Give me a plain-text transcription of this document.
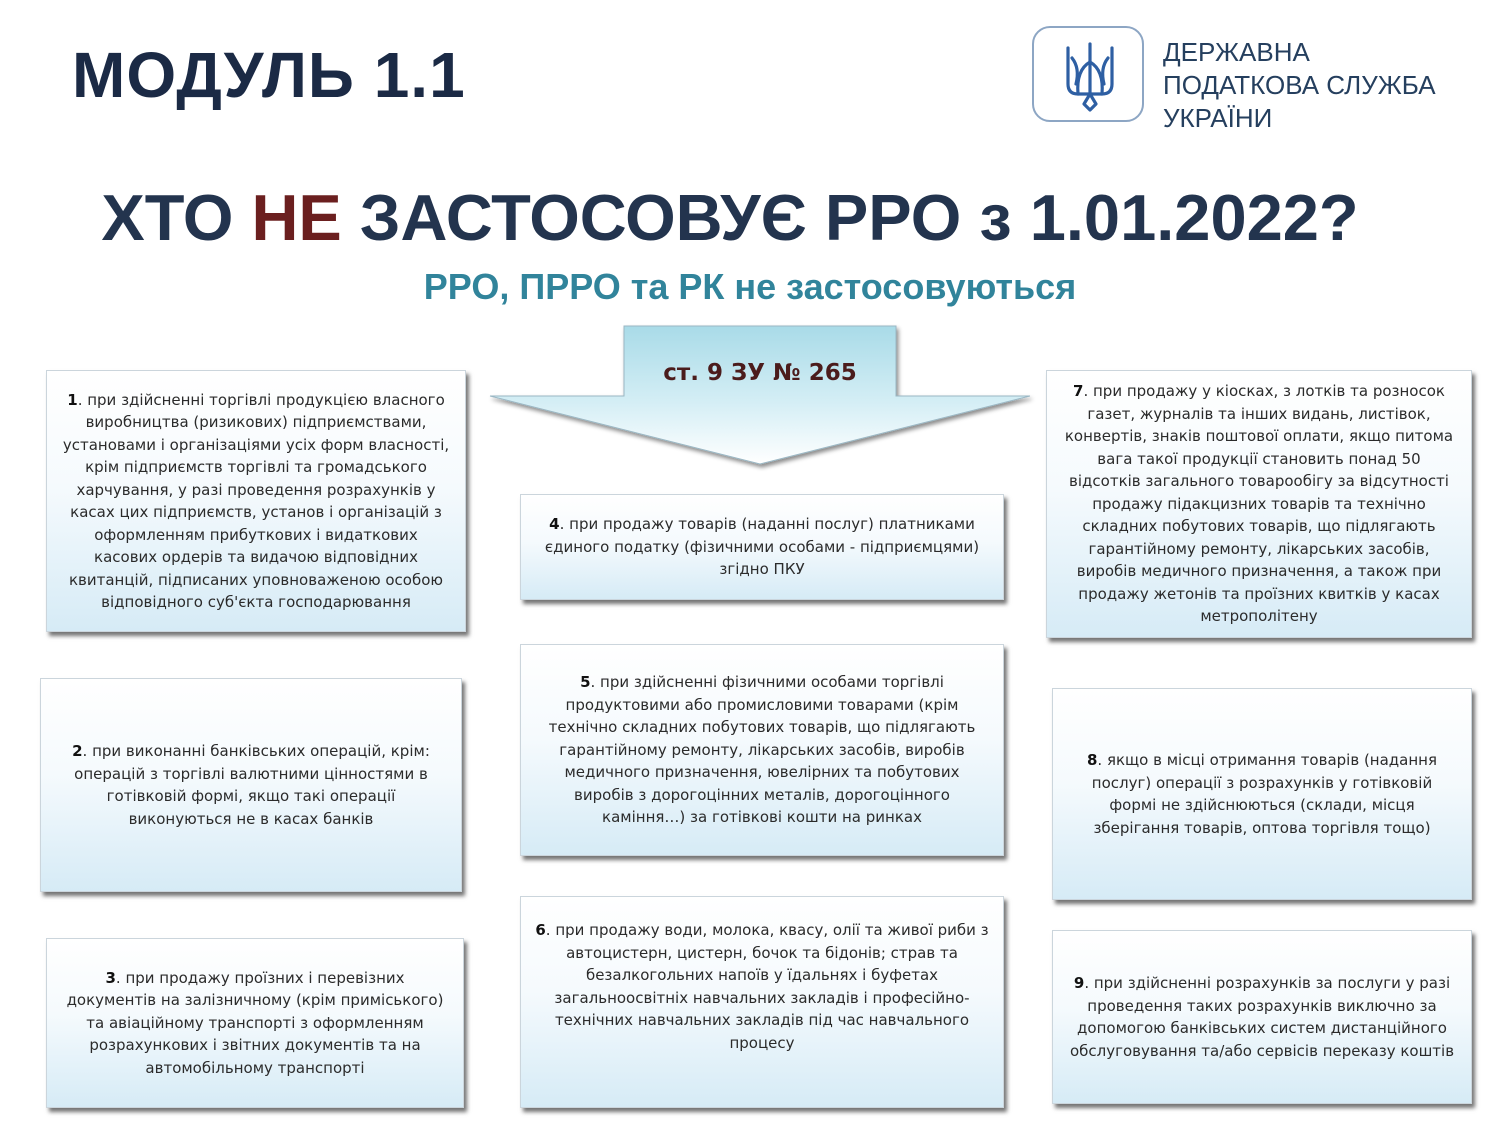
МОДУЛЬ 1.1	ДЕРЖАВНА
ПОДАТКОВА СЛУЖБА
УКРАЇНИ
ХТО НЕ ЗАСТОСОВУЄ РРО з 1.01.2022?
РРО, ПРРО та РК не застосовуються
ст. 9 ЗУ № 265
1. при здійсненні торгівлі продукцією власного виробництва (ризикових) підприємствами, установами і організаціями усіх форм власності, крім підприємств торгівлі та громадського харчування, у разі проведення розрахунків у касах цих підприємств, установ і організацій з оформленням прибуткових і видаткових касових ордерів та видачою відповідних квитанцій, підписаних уповноваженою особою відповідного суб'єкта господарювання
2. при виконанні банківських операцій, крім: операцій з торгівлі валютними цінностями в готівковій формі, якщо такі операції виконуються не в касах банків
3. при продажу проїзних і перевізних документів на залізничному (крім приміського) та авіаційному транспорті з оформленням розрахункових і звітних документів та на автомобільному транспорті
4. при продажу товарів (наданні послуг) платниками єдиного податку (фізичними особами - підприємцями) згідно ПКУ
5. при здійсненні фізичними особами торгівлі продуктовими або промисловими товарами (крім технічно складних побутових товарів, що підлягають гарантійному ремонту, лікарських засобів, виробів медичного призначення, ювелірних та побутових виробів з дорогоцінних металів, дорогоцінного каміння…) за готівкові кошти на ринках
6. при продажу води, молока, квасу, олії та живої риби з автоцистерн, цистерн, бочок та бідонів; страв та безалкогольних напоїв у їдальнях і буфетах загальноосвітніх навчальних закладів і професійно-технічних навчальних закладів під час навчального процесу
7. при продажу у кіосках, з лотків та розносок газет, журналів та інших видань, листівок, конвертів, знаків поштової оплати, якщо питома вага такої продукції становить понад 50 відсотків загального товарообігу за відсутності продажу підакцизних товарів та технічно складних побутових товарів, що підлягають гарантійному ремонту, лікарських засобів, виробів медичного призначення, а також при продажу жетонів та проїзних квитків у касах метрополітену
8. якщо в місці отримання товарів (надання послуг) операції з розрахунків у готівковій формі не здійснюються (склади, місця зберігання товарів, оптова торгівля тощо)
9. при здійсненні розрахунків за послуги у разі проведення таких розрахунків виключно за допомогою банківських систем дистанційного обслуговування та/або сервісів переказу коштів
